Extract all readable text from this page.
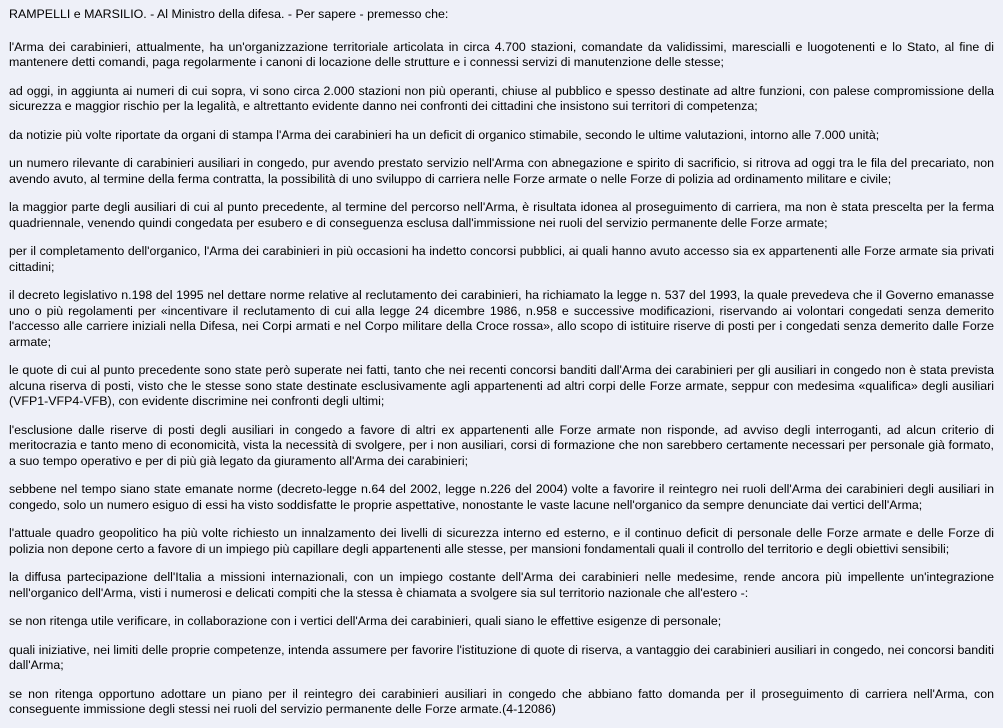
RAMPELLI e MARSILIO. - Al Ministro della difesa. - Per sapere - premesso che:

l'Arma dei carabinieri, attualmente, ha un'organizzazione territoriale articolata in circa 4.700 stazioni, comandate da validissimi, marescialli e luogotenenti e lo Stato, al fine di mantenere detti comandi, paga regolarmente i canoni di locazione delle strutture e i connessi servizi di manutenzione delle stesse;

ad oggi, in aggiunta ai numeri di cui sopra, vi sono circa 2.000 stazioni non più operanti, chiuse al pubblico e spesso destinate ad altre funzioni, con palese compromissione della sicurezza e maggior rischio per la legalità, e altrettanto evidente danno nei confronti dei cittadini che insistono sui territori di competenza;

da notizie più volte riportate da organi di stampa l'Arma dei carabinieri ha un deficit di organico stimabile, secondo le ultime valutazioni, intorno alle 7.000 unità;

un numero rilevante di carabinieri ausiliari in congedo, pur avendo prestato servizio nell'Arma con abnegazione e spirito di sacrificio, si ritrova ad oggi tra le fila del precariato, non avendo avuto, al termine della ferma contratta, la possibilità di uno sviluppo di carriera nelle Forze armate o nelle Forze di polizia ad ordinamento militare e civile;

la maggior parte degli ausiliari di cui al punto precedente, al termine del percorso nell'Arma, è risultata idonea al proseguimento di carriera, ma non è stata prescelta per la ferma quadriennale, venendo quindi congedata per esubero e di conseguenza esclusa dall'immissione nei ruoli del servizio permanente delle Forze armate;

per il completamento dell'organico, l'Arma dei carabinieri in più occasioni ha indetto concorsi pubblici, ai quali hanno avuto accesso sia ex appartenenti alle Forze armate sia privati cittadini;

il decreto legislativo n.198 del 1995 nel dettare norme relative al reclutamento dei carabinieri, ha richiamato la legge n. 537 del 1993, la quale prevedeva che il Governo emanasse uno o più regolamenti per «incentivare il reclutamento di cui alla legge 24 dicembre 1986, n.958 e successive modificazioni, riservando ai volontari congedati senza demerito l'accesso alle carriere iniziali nella Difesa, nei Corpi armati e nel Corpo militare della Croce rossa», allo scopo di istituire riserve di posti per i congedati senza demerito dalle Forze armate;

le quote di cui al punto precedente sono state però superate nei fatti, tanto che nei recenti concorsi banditi dall'Arma dei carabinieri per gli ausiliari in congedo non è stata prevista alcuna riserva di posti, visto che le stesse sono state destinate esclusivamente agli appartenenti ad altri corpi delle Forze armate, seppur con medesima «qualifica» degli ausiliari (VFP1-VFP4-VFB), con evidente discrimine nei confronti degli ultimi;

l'esclusione dalle riserve di posti degli ausiliari in congedo a favore di altri ex appartenenti alle Forze armate non risponde, ad avviso degli interroganti, ad alcun criterio di meritocrazia e tanto meno di economicità, vista la necessità di svolgere, per i non ausiliari, corsi di formazione che non sarebbero certamente necessari per personale già formato, a suo tempo operativo e per di più già legato da giuramento all'Arma dei carabinieri;

sebbene nel tempo siano state emanate norme (decreto-legge n.64 del 2002, legge n.226 del 2004) volte a favorire il reintegro nei ruoli dell'Arma dei carabinieri degli ausiliari in congedo, solo un numero esiguo di essi ha visto soddisfatte le proprie aspettative, nonostante le vaste lacune nell'organico da sempre denunciate dai vertici dell'Arma;

l'attuale quadro geopolitico ha più volte richiesto un innalzamento dei livelli di sicurezza interno ed esterno, e il continuo deficit di personale delle Forze armate e delle Forze di polizia non depone certo a favore di un impiego più capillare degli appartenenti alle stesse, per mansioni fondamentali quali il controllo del territorio e degli obiettivi sensibili;

la diffusa partecipazione dell'Italia a missioni internazionali, con un impiego costante dell'Arma dei carabinieri nelle medesime, rende ancora più impellente un'integrazione nell'organico dell'Arma, visti i numerosi e delicati compiti che la stessa è chiamata a svolgere sia sul territorio nazionale che all'estero -:

se non ritenga utile verificare, in collaborazione con i vertici dell'Arma dei carabinieri, quali siano le effettive esigenze di personale;

quali iniziative, nei limiti delle proprie competenze, intenda assumere per favorire l'istituzione di quote di riserva, a vantaggio dei carabinieri ausiliari in congedo, nei concorsi banditi dall'Arma;

se non ritenga opportuno adottare un piano per il reintegro dei carabinieri ausiliari in congedo che abbiano fatto domanda per il proseguimento di carriera nell'Arma, con conseguente immissione degli stessi nei ruoli del servizio permanente delle Forze armate.(4-12086)
